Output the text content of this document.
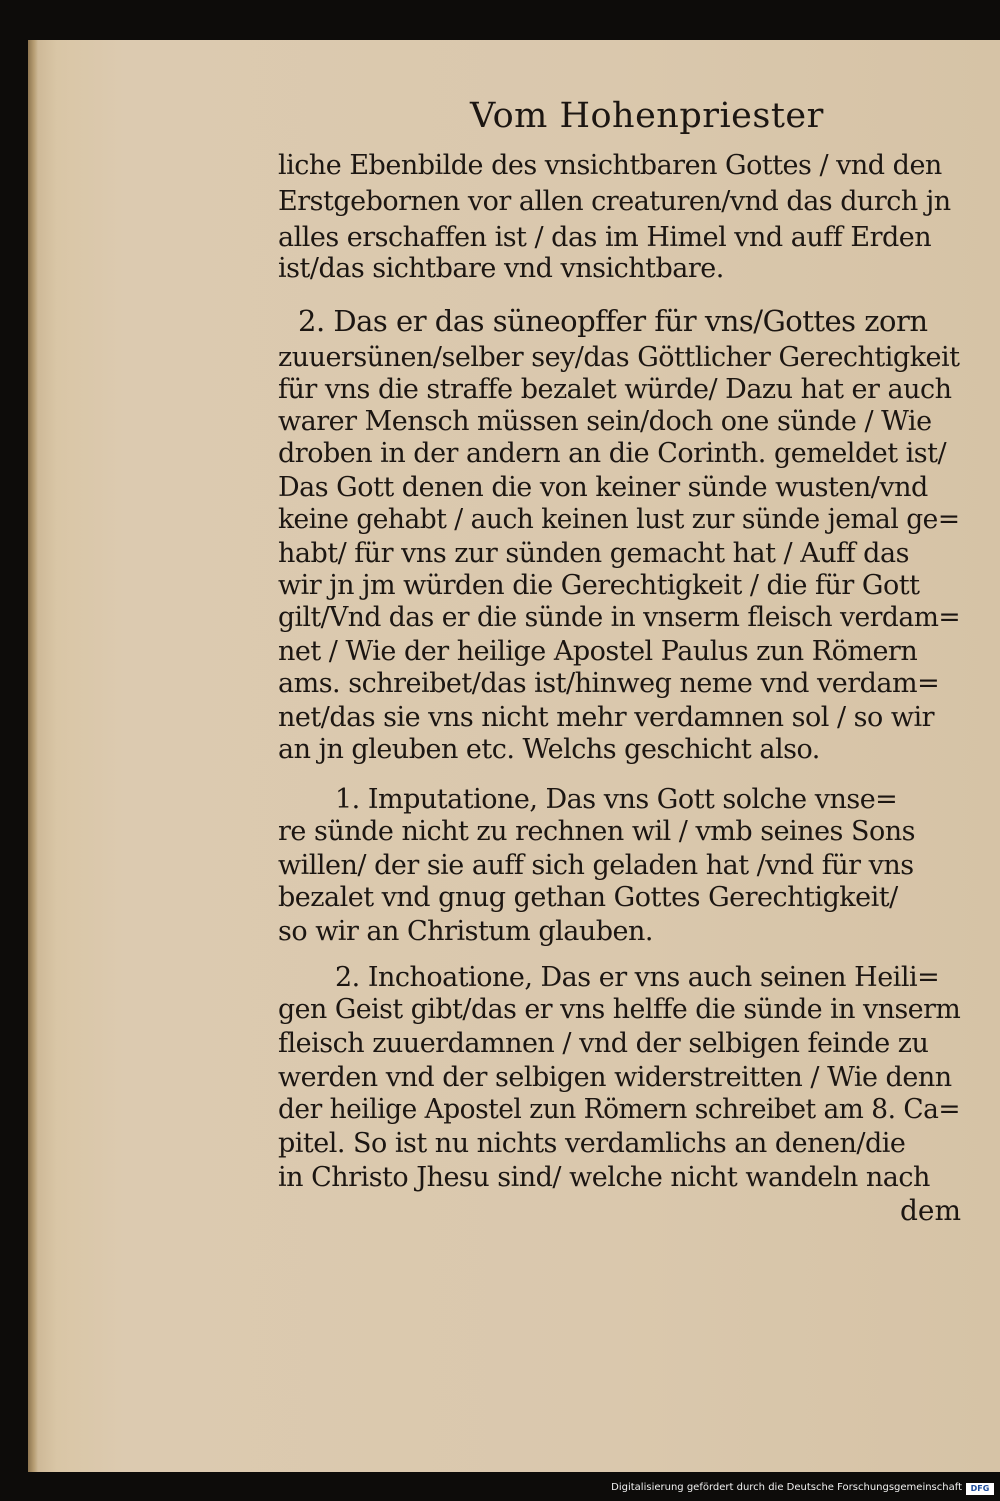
Vom Hohenpriester
liche Ebenbilde des vnsichtbaren Gottes / vnd den
Erstgebornen vor allen creaturen/vnd das durch jn
alles erschaffen ist / das im Himel vnd auff Erden
ist/das sichtbare vnd vnsichtbare.
2. Das er das süneopffer für vns/Gottes zorn
zuuersünen/selber sey/das Göttlicher Gerechtigkeit
für vns die straffe bezalet würde/ Dazu hat er auch
warer Mensch müssen sein/doch one sünde / Wie
droben in der andern an die Corinth. gemeldet ist/
Das Gott denen die von keiner sünde wusten/vnd
keine gehabt / auch keinen lust zur sünde jemal ge=
habt/ für vns zur sünden gemacht hat / Auff das
wir jn jm würden die Gerechtigkeit / die für Gott
gilt/Vnd das er die sünde in vnserm fleisch verdam=
net / Wie der heilige Apostel Paulus zun Römern
ams. schreibet/das ist/hinweg neme vnd verdam=
net/das sie vns nicht mehr verdamnen sol / so wir
an jn gleuben etc. Welchs geschicht also.
1. Imputatione, Das vns Gott solche vnse=
re sünde nicht zu rechnen wil / vmb seines Sons
willen/ der sie auff sich geladen hat /vnd für vns
bezalet vnd gnug gethan Gottes Gerechtigkeit/
so wir an Christum glauben.
2. Inchoatione, Das er vns auch seinen Heili=
gen Geist gibt/das er vns helffe die sünde in vnserm
fleisch zuuerdamnen / vnd der selbigen feinde zu
werden vnd der selbigen widerstreitten / Wie denn
der heilige Apostel zun Römern schreibet am 8. Ca=
pitel. So ist nu nichts verdamlichs an denen/die
in Christo Jhesu sind/ welche nicht wandeln nach
dem
Digitalisierung gefördert durch die Deutsche Forschungsgemeinschaft	DFG
